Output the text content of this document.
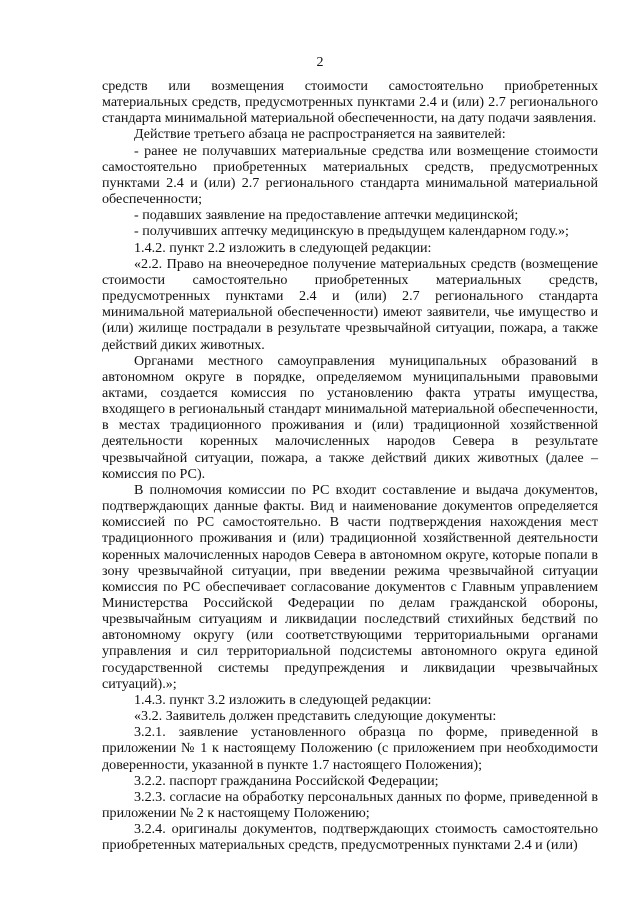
2

средств или возмещения стоимости самостоятельно приобретенных материальных средств, предусмотренных пунктами 2.4 и (или) 2.7 регионального стандарта минимальной материальной обеспеченности, на дату подачи заявления.

Действие третьего абзаца не распространяется на заявителей:

- ранее не получавших материальные средства или возмещение стоимости самостоятельно приобретенных материальных средств, предусмотренных пунктами 2.4 и (или) 2.7 регионального стандарта минимальной материальной обеспеченности;

- подавших заявление на предоставление аптечки медицинской;

- получивших аптечку медицинскую в предыдущем календарном году.»;

1.4.2. пункт 2.2 изложить в следующей редакции:

«2.2. Право на внеочередное получение материальных средств (возмещение стоимости самостоятельно приобретенных материальных средств, предусмотренных пунктами 2.4 и (или) 2.7 регионального стандарта минимальной материальной обеспеченности) имеют заявители, чье имущество и (или) жилище пострадали в результате чрезвычайной ситуации, пожара, а также действий диких животных.

Органами местного самоуправления муниципальных образований в автономном округе в порядке, определяемом муниципальными правовыми актами, создается комиссия по установлению факта утраты имущества, входящего в региональный стандарт минимальной материальной обеспеченности, в местах традиционного проживания и (или) традиционной хозяйственной деятельности коренных малочисленных народов Севера в результате чрезвычайной ситуации, пожара, а также действий диких животных (далее – комиссия по РС).

В полномочия комиссии по РС входит составление и выдача документов, подтверждающих данные факты. Вид и наименование документов определяется комиссией по РС самостоятельно. В части подтверждения нахождения мест традиционного проживания и (или) традиционной хозяйственной деятельности коренных малочисленных народов Севера в автономном округе, которые попали в зону чрезвычайной ситуации, при введении режима чрезвычайной ситуации комиссия по РС обеспечивает согласование документов с Главным управлением Министерства Российской Федерации по делам гражданской обороны, чрезвычайным ситуациям и ликвидации последствий стихийных бедствий по автономному округу (или соответствующими территориальными органами управления и сил территориальной подсистемы автономного округа единой государственной системы предупреждения и ликвидации чрезвычайных ситуаций).»;

1.4.3. пункт 3.2 изложить в следующей редакции:

«3.2. Заявитель должен представить следующие документы:

3.2.1. заявление установленного образца по форме, приведенной в приложении № 1 к настоящему Положению (с приложением при необходимости доверенности, указанной в пункте 1.7 настоящего Положения);

3.2.2. паспорт гражданина Российской Федерации;

3.2.3. согласие на обработку персональных данных по форме, приведенной в приложении № 2 к настоящему Положению;

3.2.4. оригиналы документов, подтверждающих стоимость самостоятельно приобретенных материальных средств, предусмотренных пунктами 2.4 и (или)
